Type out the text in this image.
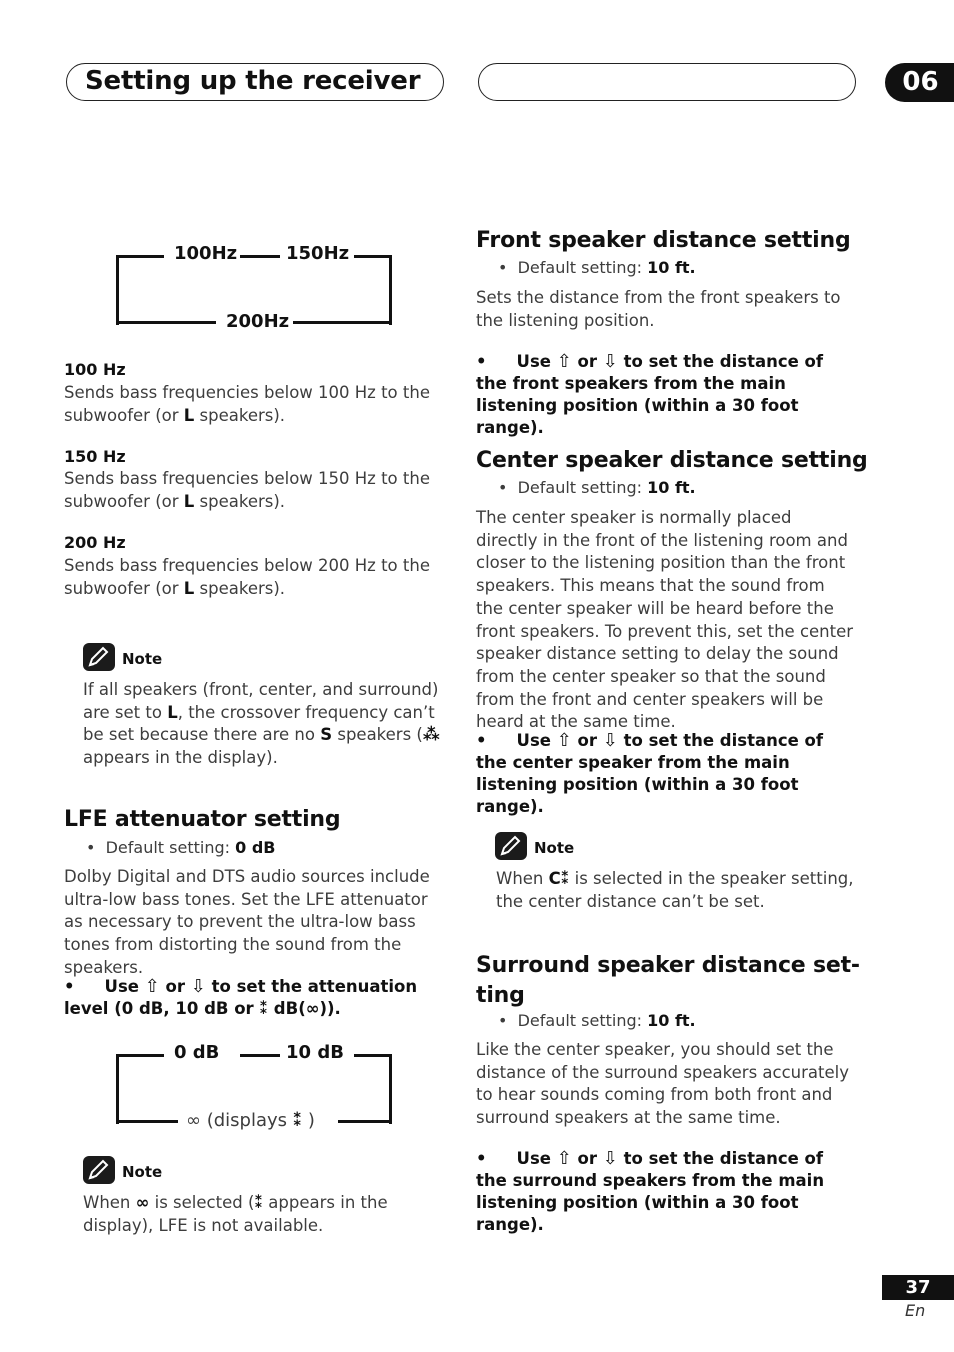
Setting up the receiver	06
100Hz	150Hz
200Hz
100 Hz
Sends bass frequencies below 100 Hz to the subwoofer (or L speakers).
150 Hz
Sends bass frequencies below 150 Hz to the subwoofer (or L speakers).
200 Hz
Sends bass frequencies below 200 Hz to the subwoofer (or L speakers).
Note
If all speakers (front, center, and surround) are set to L, the crossover frequency can’t be set because there are no S speakers (⁂ appears in the display).
LFE attenuator setting
• Default setting: 0 dB
Dolby Digital and DTS audio sources include ultra-low bass tones. Set the LFE attenuator as necessary to prevent the ultra-low bass tones from distorting the sound from the speakers.
• Use ⇧ or ⇩ to set the attenuation level (0 dB, 10 dB or ⁑ dB(∞)).
0 dB	10 dB
∞ (displays ⁑ )
Note
When ∞ is selected (⁑ appears in the display), LFE is not available.
Front speaker distance setting
• Default setting: 10 ft.
Sets the distance from the front speakers to the listening position.
• Use ⇧ or ⇩ to set the distance of the front speakers from the main listening position (within a 30 foot range).
Center speaker distance setting
• Default setting: 10 ft.
The center speaker is normally placed directly in the front of the listening room and closer to the listening position than the front speakers. This means that the sound from the center speaker will be heard before the front speakers. To prevent this, set the center speaker distance setting to delay the sound from the center speaker so that the sound from the front and center speakers will be heard at the same time.
• Use ⇧ or ⇩ to set the distance of the center speaker from the main listening position (within a 30 foot range).
Note
When C⁑ is selected in the speaker setting, the center distance can’t be set.
Surround speaker distance set-
ting
• Default setting: 10 ft.
Like the center speaker, you should set the distance of the surround speakers accurately to hear sounds coming from both front and surround speakers at the same time.
• Use ⇧ or ⇩ to set the distance of the surround speakers from the main listening position (within a 30 foot range).
37
En
